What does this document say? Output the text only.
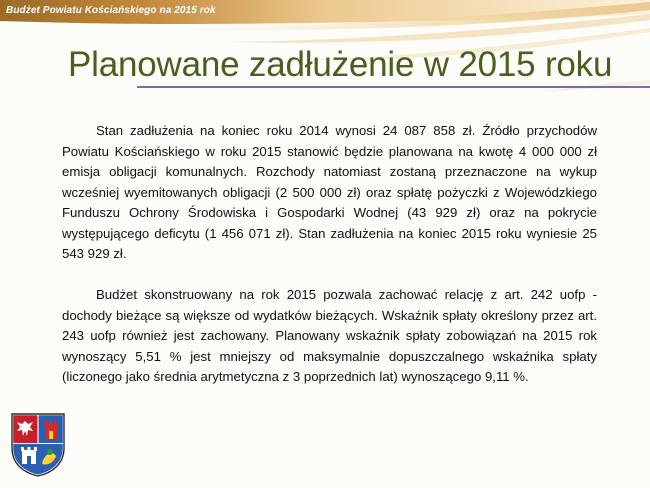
Budżet Powiatu Kościańskiego na 2015 rok
Planowane zadłużenie w 2015 roku

Stan zadłużenia na koniec roku 2014 wynosi 24 087 858 zł. Źródło przychodów Powiatu Kościańskiego w roku 2015 stanowić będzie planowana na kwotę 4 000 000 zł emisja obligacji komunalnych. Rozchody natomiast zostaną przeznaczone na wykup wcześniej wyemitowanych obligacji (2 500 000 zł) oraz spłatę pożyczki z Wojewódzkiego Funduszu Ochrony Środowiska i Gospodarki Wodnej (43 929 zł) oraz na pokrycie występującego deficytu (1 456 071 zł). Stan zadłużenia na koniec 2015 roku wyniesie 25 543 929 zł.

Budżet skonstruowany na rok 2015 pozwala zachować relację z art. 242 uofp - dochody bieżące są większe od wydatków bieżących. Wskaźnik spłaty określony przez art. 243 uofp również jest zachowany. Planowany wskaźnik spłaty zobowiązań na 2015 rok wynoszący 5,51 % jest mniejszy od maksymalnie dopuszczalnego wskaźnika spłaty (liczonego jako średnia arytmetyczna z 3 poprzednich lat) wynoszącego 9,11 %.
